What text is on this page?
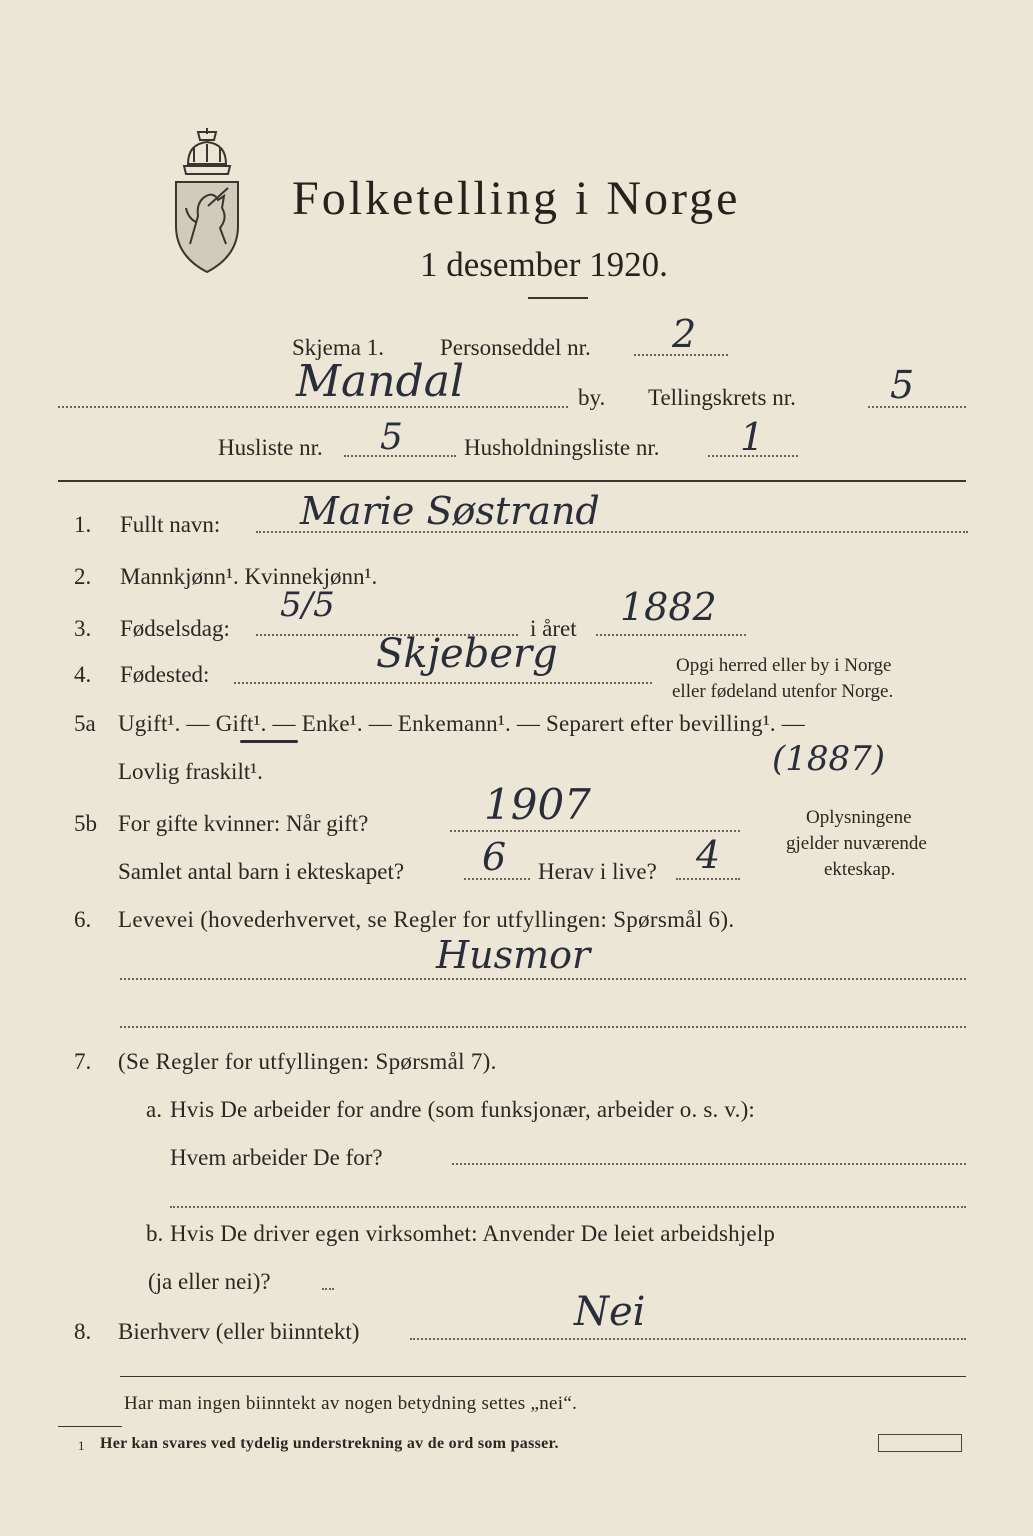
Folketelling i Norge
1 desember 1920.
Skjema 1. Personseddel nr. 2
Mandal	by. Tellingskrets nr. 5
Husliste nr. 5	Husholdningsliste nr. 1
1. Fullt navn: Marie Søstrand
2. Mannkjønn¹. Kvinnekjønn¹.
3. Fødselsdag:
5/5
i året 1882
4. Fødested:	Skjeberg	Opgi herred eller by i Norge
eller fødeland utenfor Norge.
5a Ugift¹. — Gift¹. — Enke¹. — Enkemann¹. — Separert efter bevilling¹. —
Lovlig fraskilt¹.	(1887)
5b For gifte kvinner: Når gift?	1907
Samlet antal barn i ekteskapet? 6 Herav i live? 4
Oplysningene
gjelder nuværende
ekteskap.
6. Levevei (hovederhvervet, se Regler for utfyllingen: Spørsmål 6).
Husmor
7. (Se Regler for utfyllingen: Spørsmål 7).
a. Hvis De arbeider for andre (som funksjonær, arbeider o. s. v.):
Hvem arbeider De for?
b. Hvis De driver egen virksomhet: Anvender De leiet arbeidshjelp
(ja eller nei)?
8. Bierhverv (eller biinntekt)	Nei
Har man ingen biinntekt av nogen betydning settes „nei“.
1 Her kan svares ved tydelig understrekning av de ord som passer.
